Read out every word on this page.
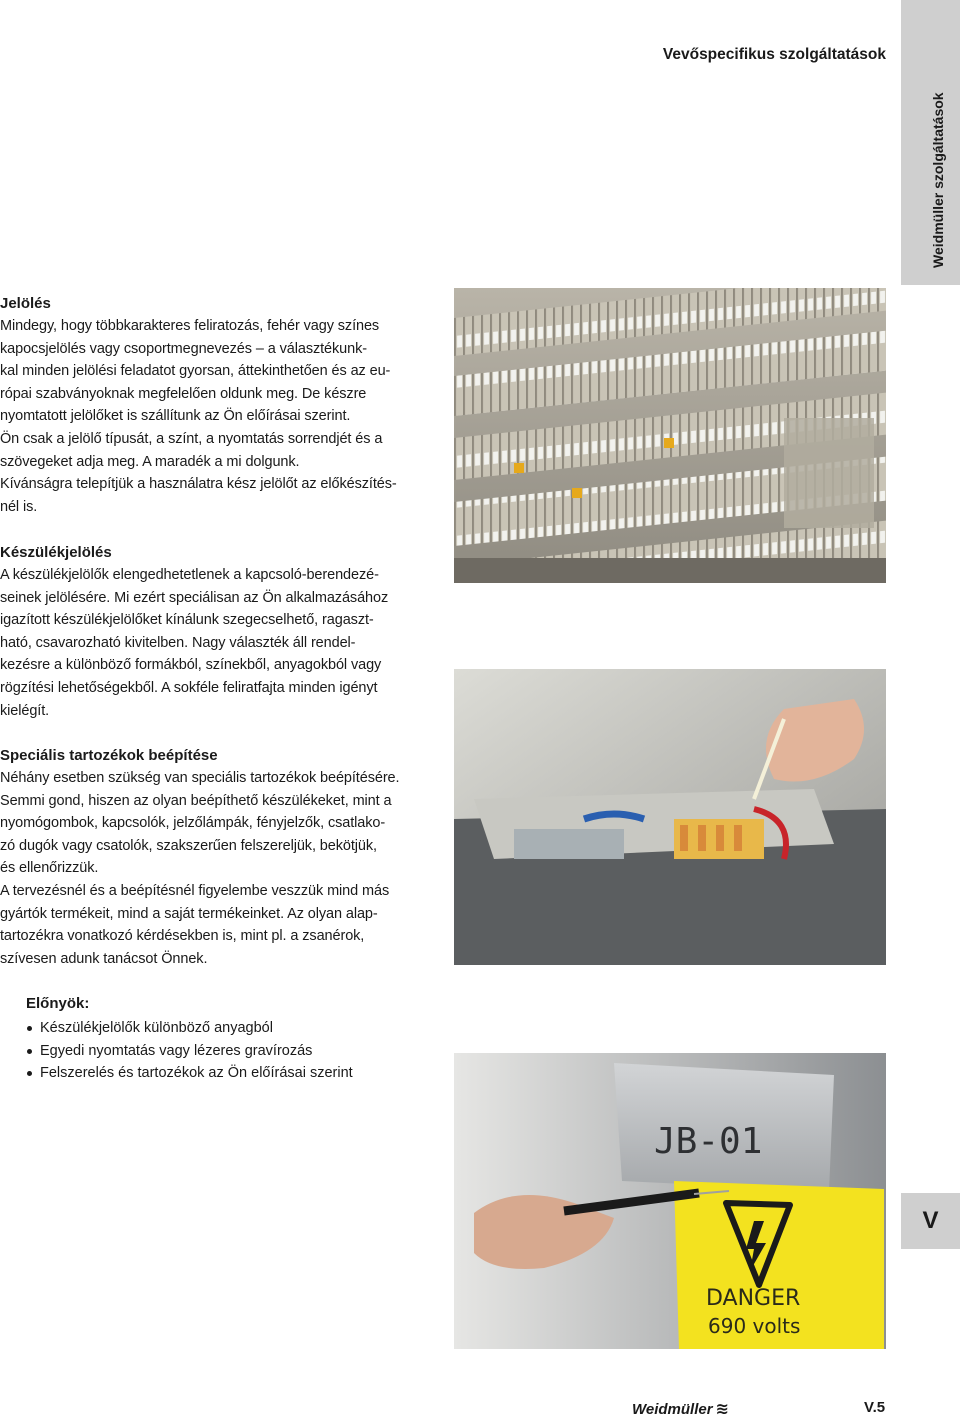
Vevőspecifikus szolgáltatások
Weidmüller szolgáltatások
Jelölés

Mindegy, hogy többkarakteres feliratozás, fehér vagy színes
kapocsjelölés vagy csoportmegnevezés – a választékunk-
kal minden jelölési feladatot gyorsan, áttekinthetően és az eu-
rópai szabványoknak megfelelően oldunk meg. De készre
nyomtatott jelölőket is szállítunk az Ön előírásai szerint.
Ön csak a jelölő típusát, a színt, a nyomtatás sorrendjét és a
szövegeket adja meg. A maradék a mi dolgunk.
Kívánságra telepítjük a használatra kész jelölőt az előkészítés-
nél is.

Készülékjelölés

A készülékjelölők elengedhetetlenek a kapcsoló-berendezé-
seinek jelölésére. Mi ezért speciálisan az Ön alkalmazásához
igazított készülékjelölőket kínálunk szegecselhető, ragaszt-
ható, csavarozható kivitelben. Nagy választék áll rendel-
kezésre a különböző formákból, színekből, anyagokból vagy
rögzítési lehetőségekből. A sokféle feliratfajta minden igényt
kielégít.

Speciális tartozékok beépítése

Néhány esetben szükség van speciális tartozékok beépítésére.
Semmi gond, hiszen az olyan beépíthető készülékeket, mint a
nyomógombok, kapcsolók, jelzőlámpák, fényjelzők, csatlako-
zó dugók vagy csatolók, szakszerűen felszereljük, bekötjük,
és ellenőrizzük.
A tervezésnél és a beépítésnél figyelembe veszzük mind más
gyártók termékeit, mind a saját termékeinket. Az olyan alap-
tartozékra vonatkozó kérdésekben is, mint pl. a zsanérok,
szívesen adunk tanácsot Önnek.

Előnyök:
Készülékjelölők különböző anyagból
Egyedi nyomtatás vagy lézeres gravírozás
Felszerelés és tartozékok az Ön előírásai szerint
JB-01
DANGER
690 volts
V
Weidmüller ≋	V.5
